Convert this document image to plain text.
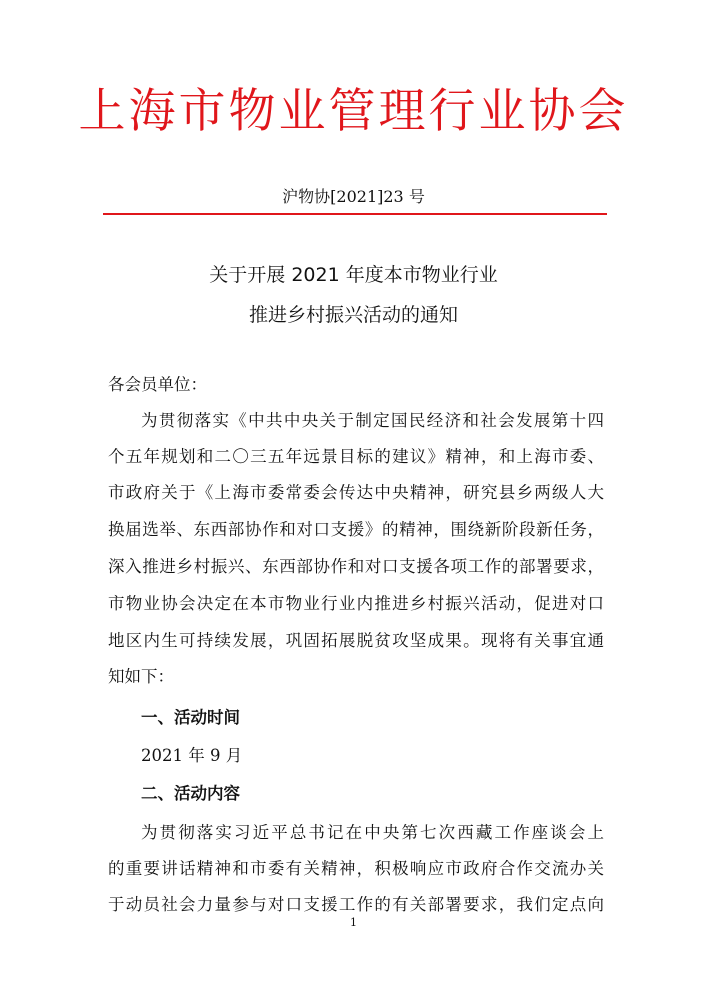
上海市物业管理行业协会
沪物协[2021]23 号
关于开展 2021 年度本市物业行业
推进乡村振兴活动的通知

各会员单位：

为贯彻落实《中共中央关于制定国民经济和社会发展第十四

个五年规划和二〇三五年远景目标的建议》精神，和上海市委、

市政府关于《上海市委常委会传达中央精神，研究县乡两级人大

换届选举、东西部协作和对口支援》的精神，围绕新阶段新任务，

深入推进乡村振兴、东西部协作和对口支援各项工作的部署要求，

市物业协会决定在本市物业行业内推进乡村振兴活动，促进对口

地区内生可持续发展，巩固拓展脱贫攻坚成果。现将有关事宜通

知如下：

一、活动时间

2021 年 9 月

二、活动内容

为贯彻落实习近平总书记在中央第七次西藏工作座谈会上

的重要讲话精神和市委有关精神，积极响应市政府合作交流办关

于动员社会力量参与对口支援工作的有关部署要求，我们定点向

1
